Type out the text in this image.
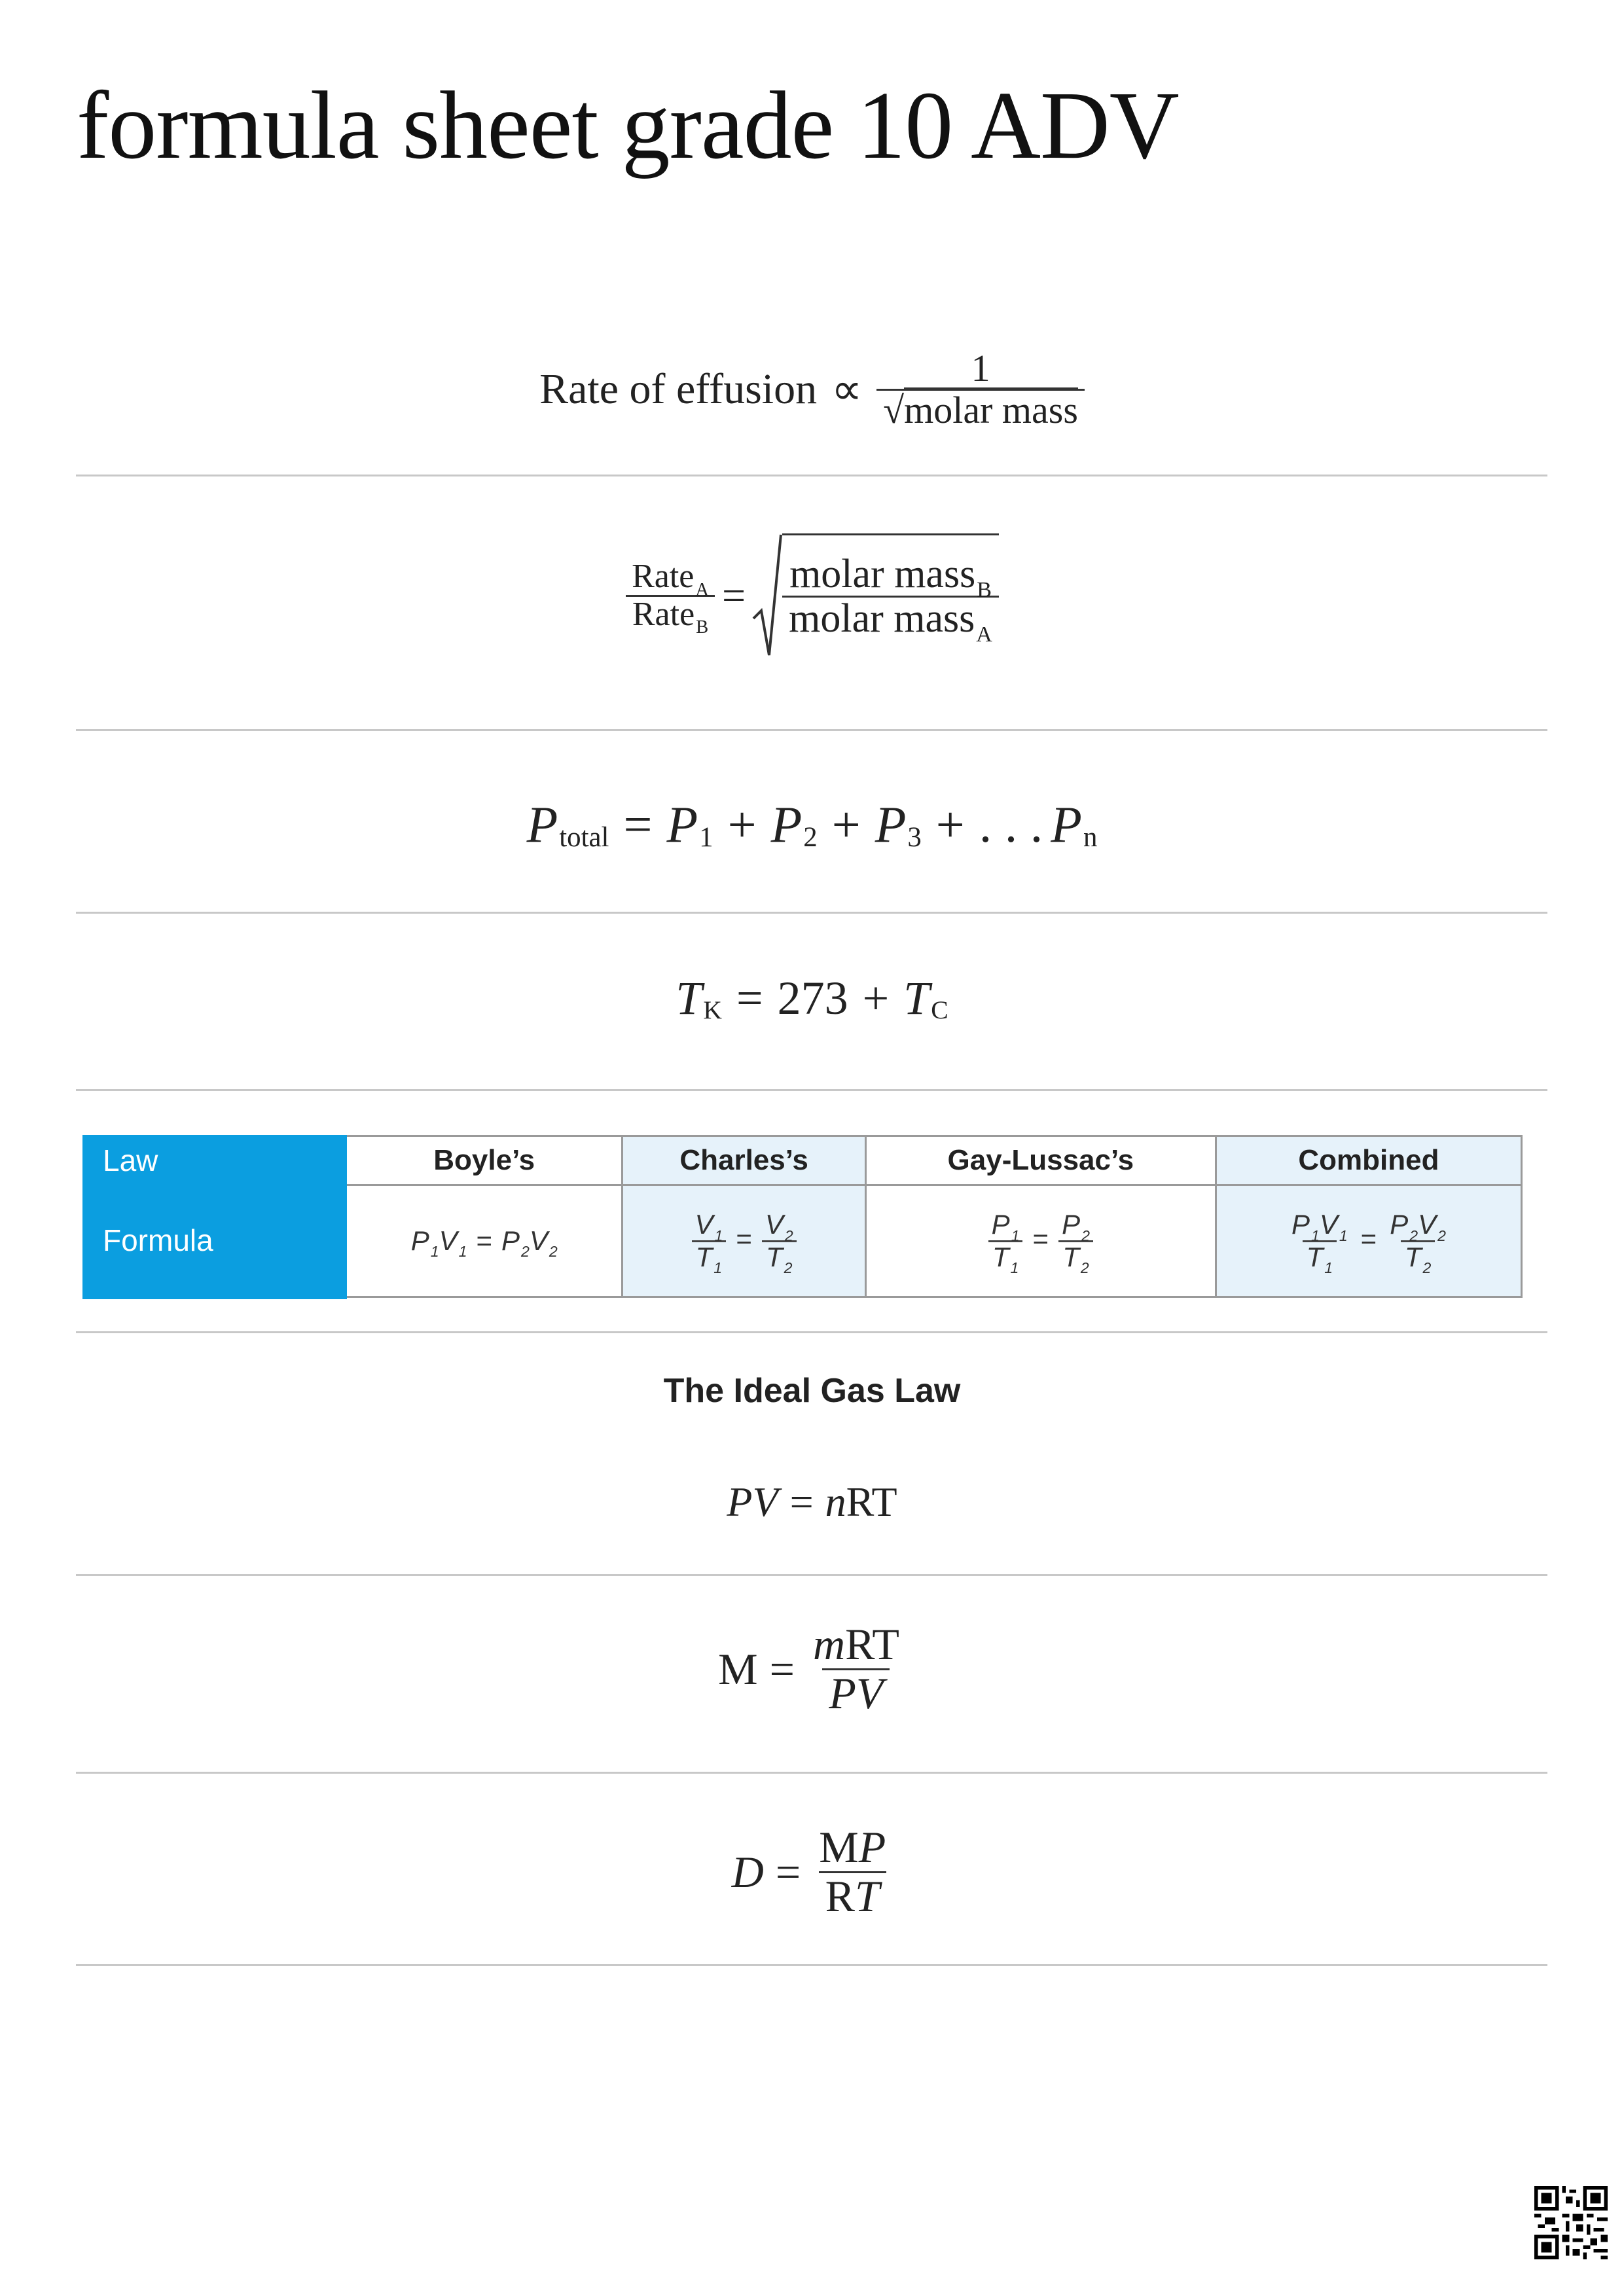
formula sheet grade 10 ADV
Rate of effusion ∝ $\frac{1}{\text{√molar mass}}$
$\frac{Rate_A}{Rate_B} = \frac{molar mass_B}{molar mass_A}$
P total = P 1 + P 2 + P 3 + . . . P n
T K = 273 + T C
Law	Boyle’s	Charles’s	Gay-Lussac’s	Combined
Formula	$P_1V_1 = P_2V_2$	$\frac{V_1}{T_1} = \frac{V_2}{T_2}$	$\frac{P_1}{T_1} = \frac{P_2}{T_2}$	$\frac{P_1V_1}{T_1} = \frac{P_2V_2}{T_2}$
The Ideal Gas Law
P V = n RT
$M = \frac{\text{mRT}}{PV}$
$D = \frac{MP}{RT}$
